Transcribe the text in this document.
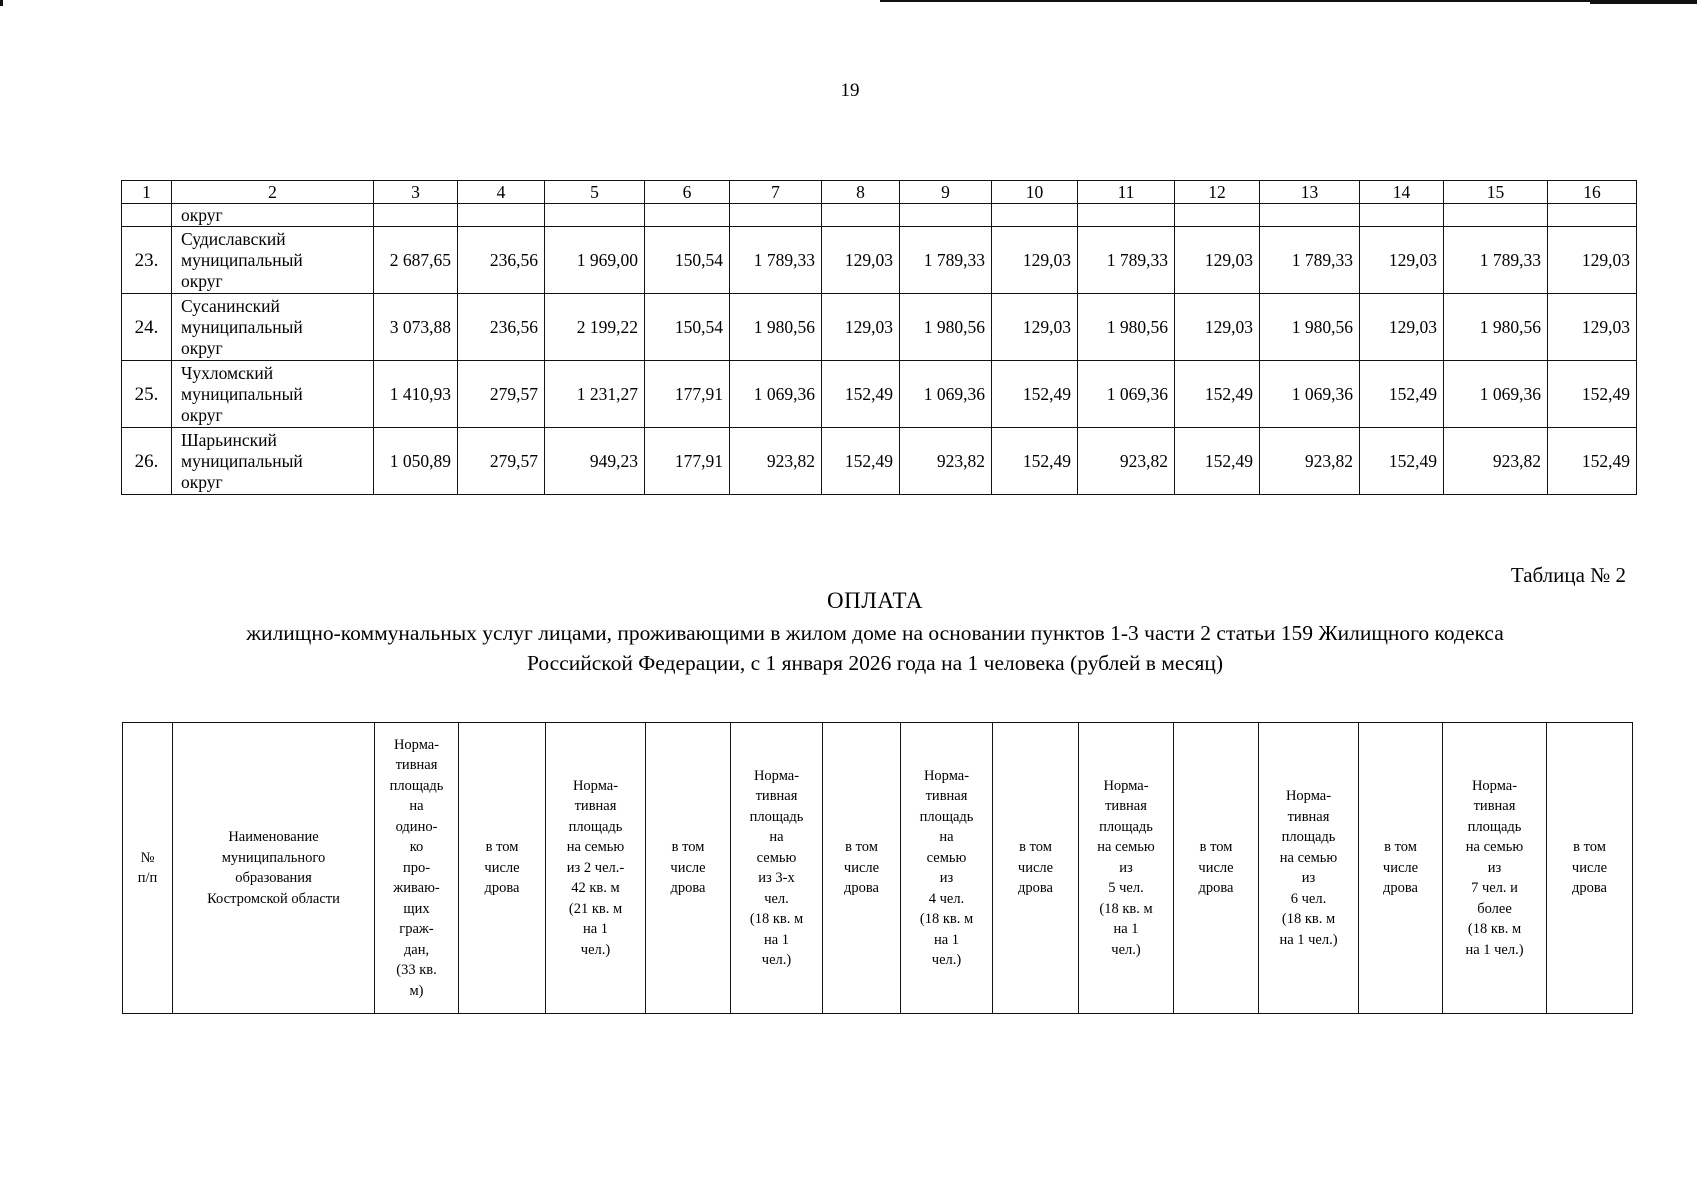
19
1	2	3	4	5	6	7	8	9	10	11	12	13	14	15	16
	округ														
23.	Судиславский
муниципальный
округ	2 687,65	236,56	1 969,00	150,54	1 789,33	129,03	1 789,33	129,03	1 789,33	129,03	1 789,33	129,03	1 789,33	129,03
24.	Сусанинский
муниципальный
округ	3 073,88	236,56	2 199,22	150,54	1 980,56	129,03	1 980,56	129,03	1 980,56	129,03	1 980,56	129,03	1 980,56	129,03
25.	Чухломский
муниципальный
округ	1 410,93	279,57	1 231,27	177,91	1 069,36	152,49	1 069,36	152,49	1 069,36	152,49	1 069,36	152,49	1 069,36	152,49
26.	Шарьинский
муниципальный
округ	1 050,89	279,57	949,23	177,91	923,82	152,49	923,82	152,49	923,82	152,49	923,82	152,49	923,82	152,49
Таблица № 2
ОПЛАТА
жилищно-коммунальных услуг лицами, проживающими в жилом доме на основании пунктов 1-3 части 2 статьи 159 Жилищного кодекса
Российской Федерации, с 1 января 2026 года на 1 человека (рублей в месяц)
№
п/п

Наименование
муниципального
образования
Костромской области

Норма-
тивная
площадь
на
одино-
ко
про-
живаю-
щих
граж-
дан,
(33 кв.
м)

в том
числе
дрова

Норма-
тивная
площадь
на семью
из 2 чел.-
42 кв. м
(21 кв. м
на 1
чел.)

в том
числе
дрова

Норма-
тивная
площадь
на
семью
из 3-х
чел.
(18 кв. м
на 1
чел.)

в том
числе
дрова

Норма-
тивная
площадь
на
семью
из
4 чел.
(18 кв. м
на 1
чел.)

в том
числе
дрова

Норма-
тивная
площадь
на семью
из
5 чел.
(18 кв. м
на 1
чел.)

в том
числе
дрова

Норма-
тивная
площадь
на семью
из
6 чел.
(18 кв. м
на 1 чел.)

в том
числе
дрова

Норма-
тивная
площадь
на семью
из
7 чел. и
более
(18 кв. м
на 1 чел.)

в том
числе
дрова
